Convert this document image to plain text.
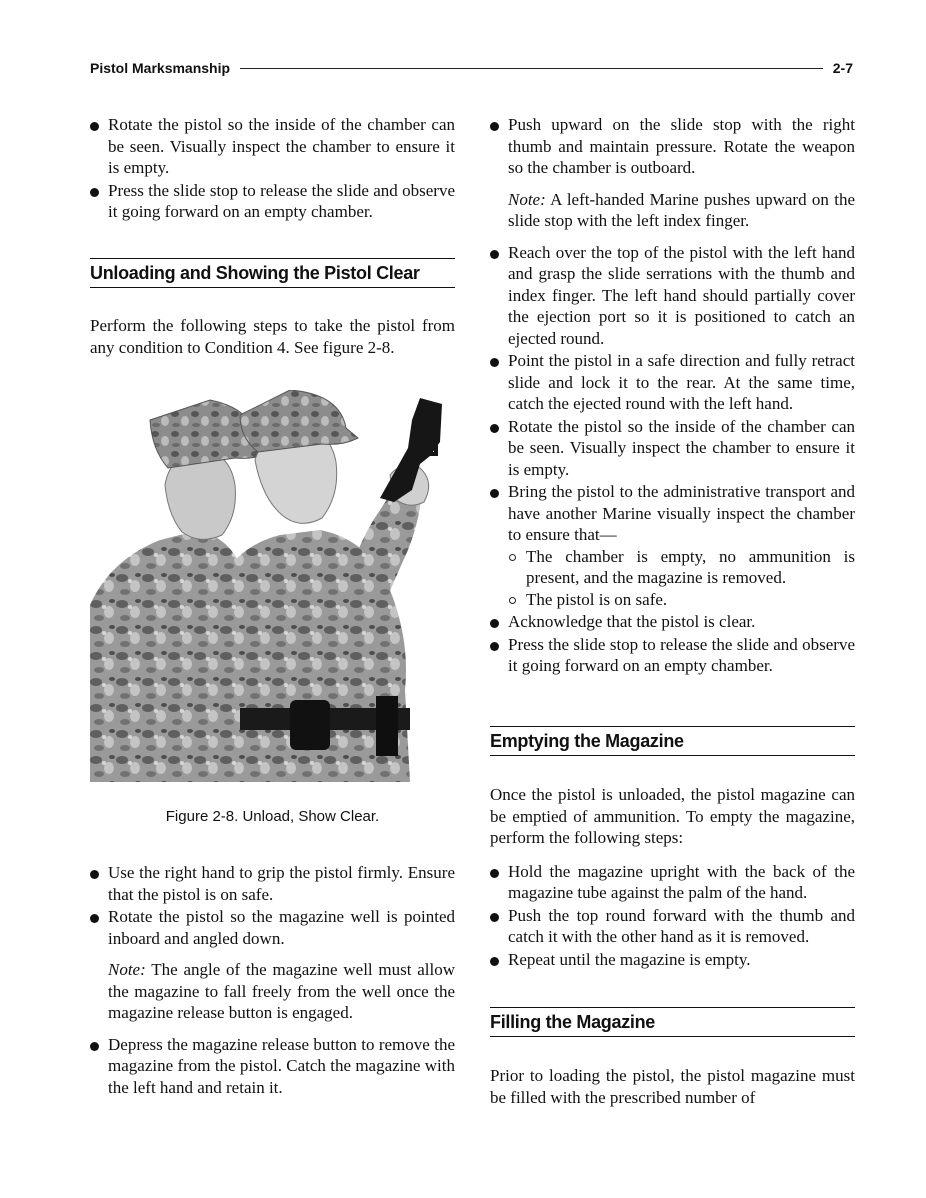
Pistol Marksmanship	2-7
Rotate the pistol so the inside of the chamber can be seen. Visually inspect the chamber to ensure it is empty.
Press the slide stop to release the slide and observe it going forward on an empty chamber.
Unloading and Showing the Pistol Clear

Perform the following steps to take the pistol from any condition to Condition 4. See figure 2-8.

Figure 2-8. Unload, Show Clear.
Use the right hand to grip the pistol firmly. Ensure that the pistol is on safe.
Rotate the pistol so the magazine well is pointed inboard and angled down.
Note: The angle of the magazine well must allow the magazine to fall freely from the well once the magazine release button is engaged.
Depress the magazine release button to remove the magazine from the pistol. Catch the magazine with the left hand and retain it.
Push upward on the slide stop with the right thumb and maintain pressure. Rotate the weapon so the chamber is outboard.
Note: A left-handed Marine pushes upward on the slide stop with the left index finger.
Reach over the top of the pistol with the left hand and grasp the slide serrations with the thumb and index finger. The left hand should partially cover the ejection port so it is positioned to catch an ejected round.
Point the pistol in a safe direction and fully retract slide and lock it to the rear. At the same time, catch the ejected round with the left hand.
Rotate the pistol so the inside of the chamber can be seen. Visually inspect the chamber to ensure it is empty.
Bring the pistol to the administrative transport and have another Marine visually inspect the chamber to ensure that—
The chamber is empty, no ammunition is present, and the magazine is removed.
The pistol is on safe.
Acknowledge that the pistol is clear.
Press the slide stop to release the slide and observe it going forward on an empty chamber.
Emptying the Magazine

Once the pistol is unloaded, the pistol magazine can be emptied of ammunition. To empty the magazine, perform the following steps:

Hold the magazine upright with the back of the magazine tube against the palm of the hand.
Push the top round forward with the thumb and catch it with the other hand as it is removed.
Repeat until the magazine is empty.
Filling the Magazine

Prior to loading the pistol, the pistol magazine must be filled with the prescribed number of
